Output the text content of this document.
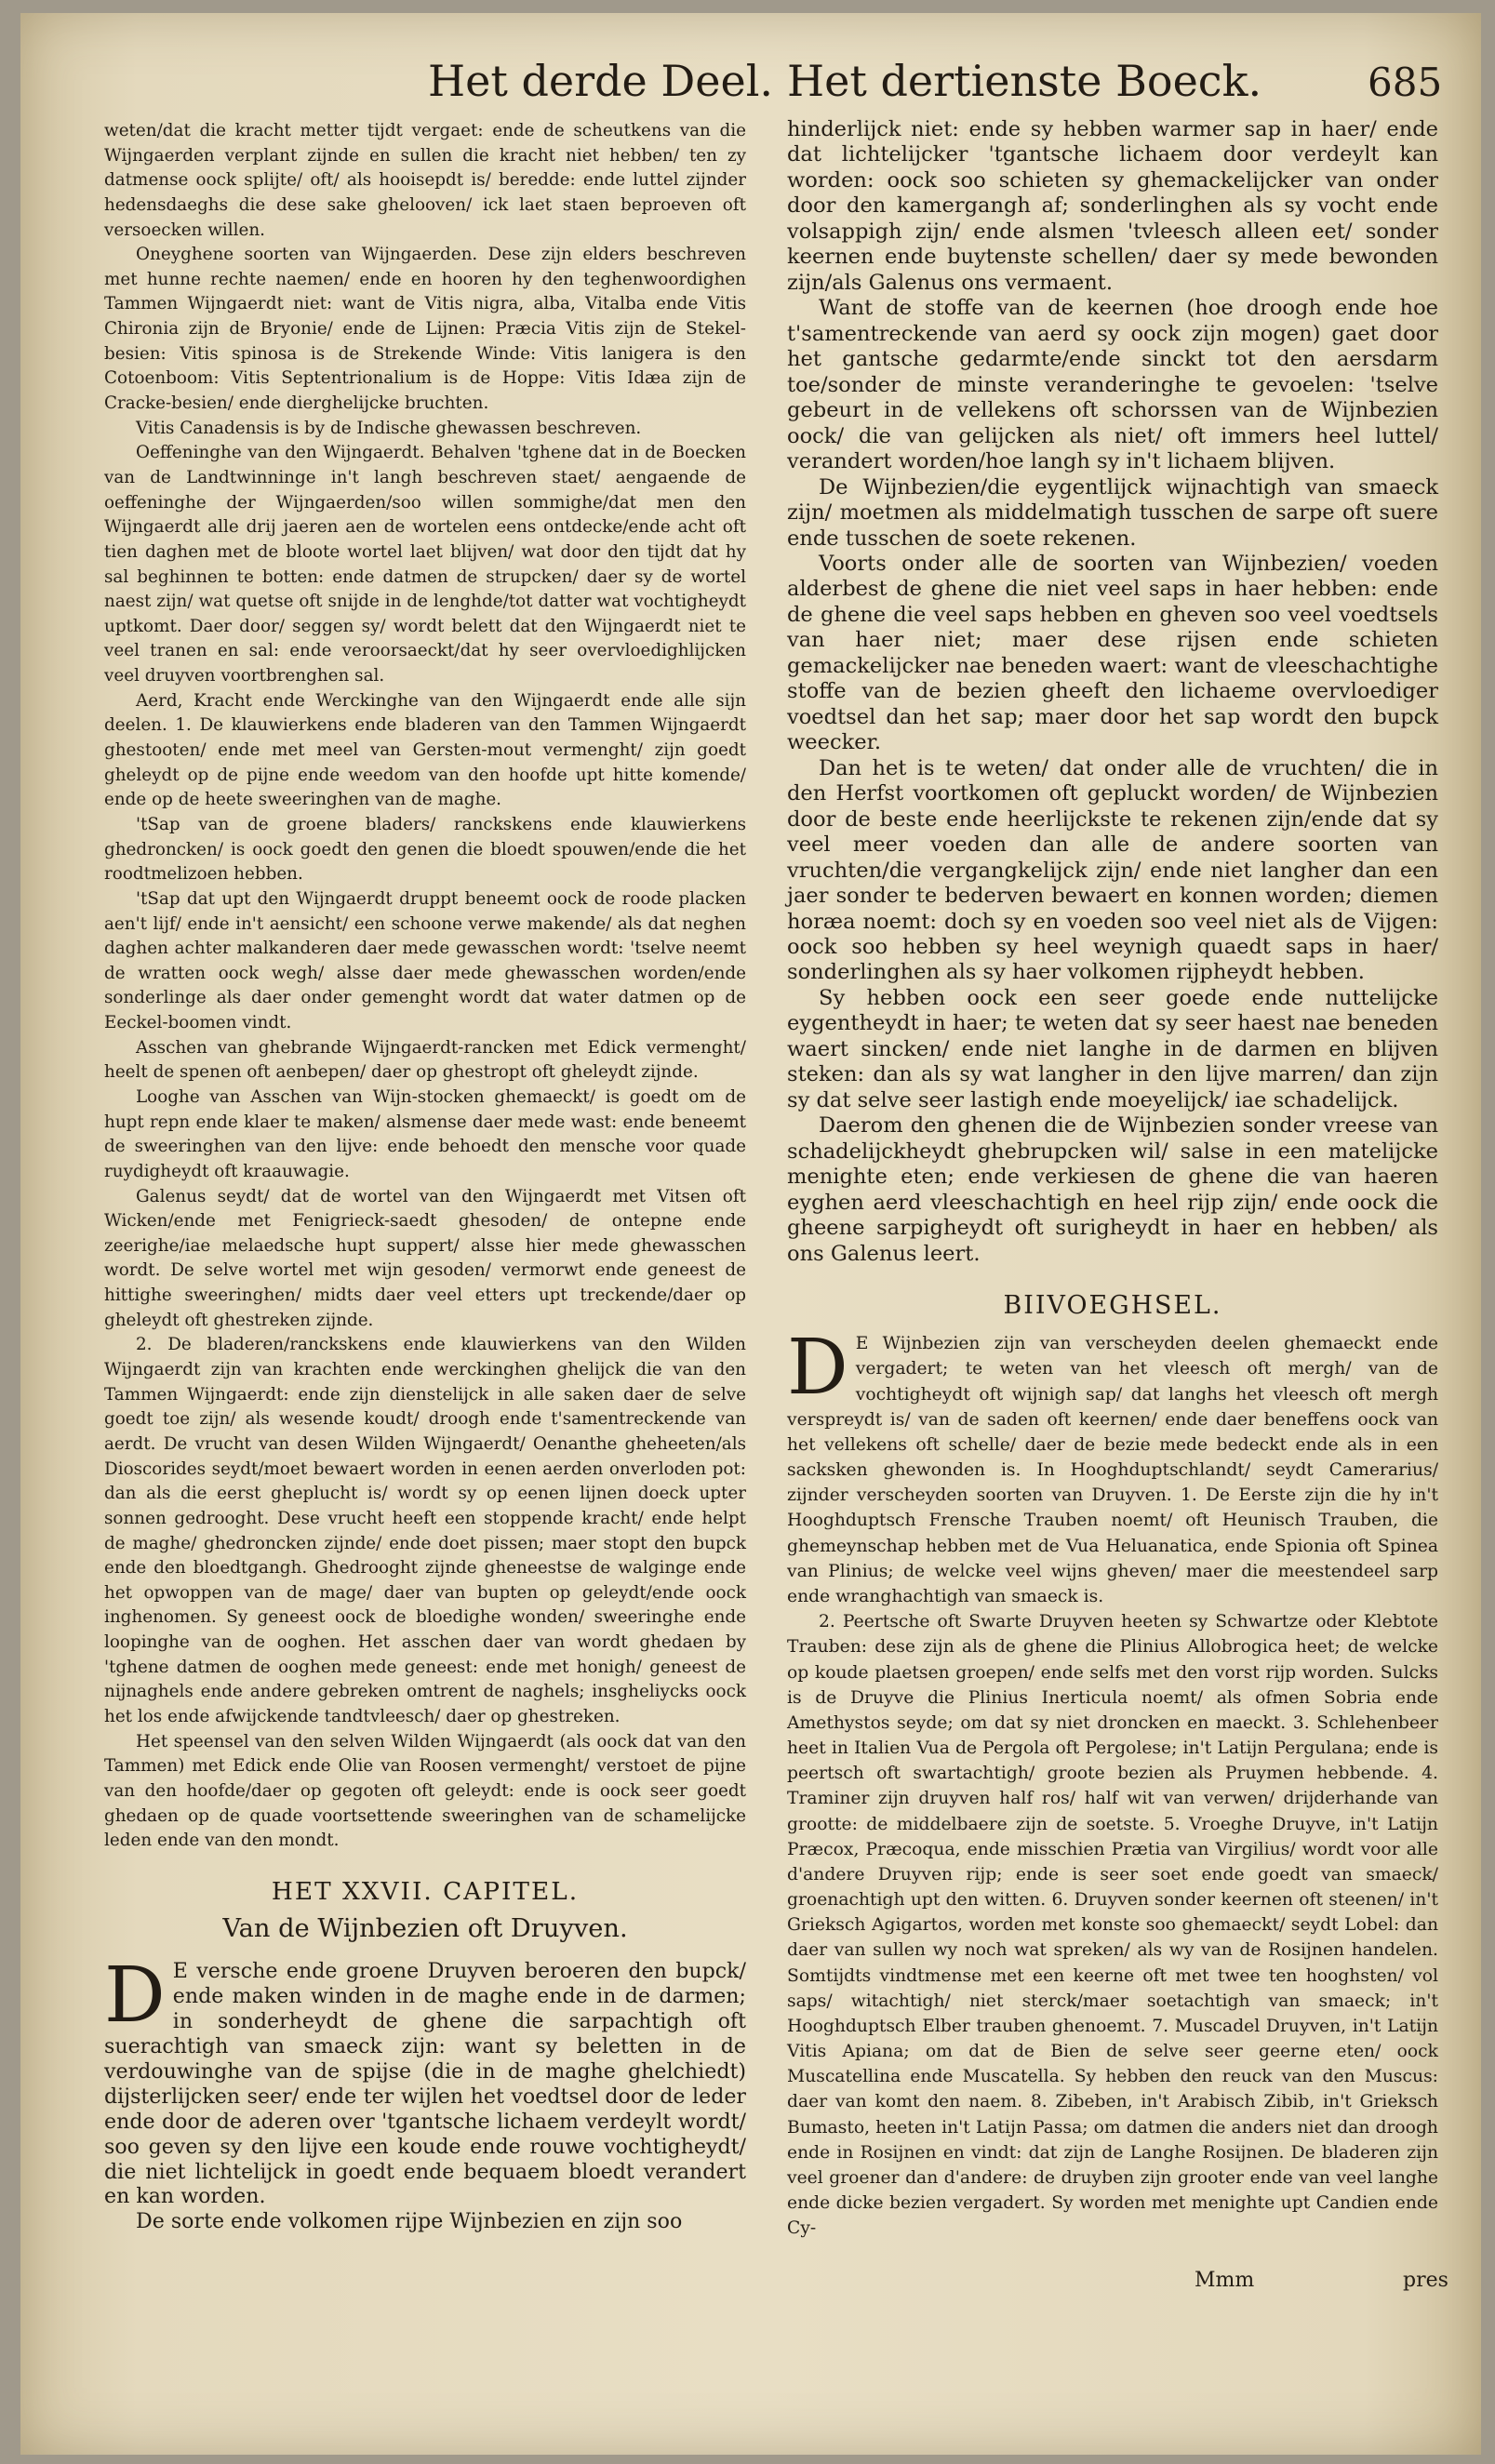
Het derde Deel. Het dertienste Boeck.	685

weten/dat die kracht metter tijdt vergaet: ende de scheutkens van die Wijngaerden verplant zijnde en sullen die kracht niet hebben/ ten zy datmense oock splijte/ oft/ als hooisepdt is/ beredde: ende luttel zijnder hedensdaeghs die dese sake ghelooven/ ick laet staen beproeven oft versoecken willen.

Oneyghene soorten van Wijngaerden. Dese zijn elders beschreven met hunne rechte naemen/ ende en hooren hy den teghenwoordighen Tammen Wijngaerdt niet: want de Vitis nigra, alba, Vitalba ende Vitis Chironia zijn de Bryonie/ ende de Lijnen: Præcia Vitis zijn de Stekel-besien: Vitis spinosa is de Strekende Winde: Vitis lanigera is den Cotoenboom: Vitis Septentrionalium is de Hoppe: Vitis Idæa zijn de Cracke-besien/ ende dierghelijcke bruchten.

Vitis Canadensis is by de Indische ghewassen beschreven.

Oeffeninghe van den Wijngaerdt. Behalven 'tghene dat in de Boecken van de Landtwinninge in't langh beschreven staet/ aengaende de oeffeninghe der Wijngaerden/soo willen sommighe/dat men den Wijngaerdt alle drij jaeren aen de wortelen eens ontdecke/ende acht oft tien daghen met de bloote wortel laet blijven/ wat door den tijdt dat hy sal beghinnen te botten: ende datmen de strupcken/ daer sy de wortel naest zijn/ wat quetse oft snijde in de lenghde/tot datter wat vochtigheydt uptkomt. Daer door/ seggen sy/ wordt belett dat den Wijngaerdt niet te veel tranen en sal: ende veroorsaeckt/dat hy seer overvloedighlijcken veel druyven voortbrenghen sal.

Aerd, Kracht ende Werckinghe van den Wijngaerdt ende alle sijn deelen. 1. De klauwierkens ende bladeren van den Tammen Wijngaerdt ghestooten/ ende met meel van Gersten-mout vermenght/ zijn goedt gheleydt op de pijne ende weedom van den hoofde upt hitte komende/ ende op de heete sweeringhen van de maghe.

'tSap van de groene bladers/ ranckskens ende klauwierkens ghedroncken/ is oock goedt den genen die bloedt spouwen/ende die het roodtmelizoen hebben.

'tSap dat upt den Wijngaerdt druppt beneemt oock de roode placken aen't lijf/ ende in't aensicht/ een schoone verwe makende/ als dat neghen daghen achter malkanderen daer mede gewasschen wordt: 'tselve neemt de wratten oock wegh/ alsse daer mede ghewasschen worden/ende sonderlinge als daer onder gemenght wordt dat water datmen op de Eeckel-boomen vindt.

Asschen van ghebrande Wijngaerdt-rancken met Edick vermenght/ heelt de spenen oft aenbepen/ daer op ghestropt oft gheleydt zijnde.

Looghe van Asschen van Wijn-stocken ghemaeckt/ is goedt om de hupt repn ende klaer te maken/ alsmense daer mede wast: ende beneemt de sweeringhen van den lijve: ende behoedt den mensche voor quade ruydigheydt oft kraauwagie.

Galenus seydt/ dat de wortel van den Wijngaerdt met Vitsen oft Wicken/ende met Fenigrieck-saedt ghesoden/ de ontepne ende zeerighe/iae melaedsche hupt suppert/ alsse hier mede ghewasschen wordt. De selve wortel met wijn gesoden/ vermorwt ende geneest de hittighe sweeringhen/ midts daer veel etters upt treckende/daer op gheleydt oft ghestreken zijnde.

2. De bladeren/ranckskens ende klauwierkens van den Wilden Wijngaerdt zijn van krachten ende werckinghen ghelijck die van den Tammen Wijngaerdt: ende zijn dienstelijck in alle saken daer de selve goedt toe zijn/ als wesende koudt/ droogh ende t'samentreckende van aerdt. De vrucht van desen Wilden Wijngaerdt/ Oenanthe gheheeten/als Dioscorides seydt/moet bewaert worden in eenen aerden onverloden pot: dan als die eerst gheplucht is/ wordt sy op eenen lijnen doeck upter sonnen gedrooght. Dese vrucht heeft een stoppende kracht/ ende helpt de maghe/ ghedroncken zijnde/ ende doet pissen; maer stopt den bupck ende den bloedtgangh. Ghedrooght zijnde gheneestse de walginge ende het opwoppen van de mage/ daer van bupten op geleydt/ende oock inghenomen. Sy geneest oock de bloedighe wonden/ sweeringhe ende loopinghe van de ooghen. Het asschen daer van wordt ghedaen by 'tghene datmen de ooghen mede geneest: ende met honigh/ geneest de nijnaghels ende andere gebreken omtrent de naghels; insgheliycks oock het los ende afwijckende tandtvleesch/ daer op ghestreken.

Het speensel van den selven Wilden Wijngaerdt (als oock dat van den Tammen) met Edick ende Olie van Roosen vermenght/ verstoet de pijne van den hoofde/daer op gegoten oft geleydt: ende is oock seer goedt ghedaen op de quade voortsettende sweeringhen van de schamelijcke leden ende van den mondt.

HET XXVII. CAPITEL.
Van de Wijnbezien oft Druyven.

D E versche ende groene Druyven beroeren den bupck/ ende maken winden in de maghe ende in de darmen; in sonderheydt de ghene die sarpachtigh oft suerachtigh van smaeck zijn: want sy beletten in de verdouwinghe van de spijse (die in de maghe ghelchiedt) dijsterlijcken seer/ ende ter wijlen het voedtsel door de leder ende door de aderen over 'tgantsche lichaem verdeylt wordt/ soo geven sy den lijve een koude ende rouwe vochtigheydt/ die niet lichtelijck in goedt ende bequaem bloedt verandert en kan worden.

De sorte ende volkomen rijpe Wijnbezien en zijn soo

hinderlijck niet: ende sy hebben warmer sap in haer/ ende dat lichtelijcker 'tgantsche lichaem door verdeylt kan worden: oock soo schieten sy ghemackelijcker van onder door den kamergangh af; sonderlinghen als sy vocht ende volsappigh zijn/ ende alsmen 'tvleesch alleen eet/ sonder keernen ende buytenste schellen/ daer sy mede bewonden zijn/als Galenus ons vermaent.

Want de stoffe van de keernen (hoe droogh ende hoe t'samentreckende van aerd sy oock zijn mogen) gaet door het gantsche gedarmte/ende sinckt tot den aersdarm toe/sonder de minste veranderinghe te gevoelen: 'tselve gebeurt in de vellekens oft schorssen van de Wijnbezien oock/ die van gelijcken als niet/ oft immers heel luttel/ verandert worden/hoe langh sy in't lichaem blijven.

De Wijnbezien/die eygentlijck wijnachtigh van smaeck zijn/ moetmen als middelmatigh tusschen de sarpe oft suere ende tusschen de soete rekenen.

Voorts onder alle de soorten van Wijnbezien/ voeden alderbest de ghene die niet veel saps in haer hebben: ende de ghene die veel saps hebben en gheven soo veel voedtsels van haer niet; maer dese rijsen ende schieten gemackelijcker nae beneden waert: want de vleeschachtighe stoffe van de bezien gheeft den lichaeme overvloediger voedtsel dan het sap; maer door het sap wordt den bupck weecker.

Dan het is te weten/ dat onder alle de vruchten/ die in den Herfst voortkomen oft gepluckt worden/ de Wijnbezien door de beste ende heerlijckste te rekenen zijn/ende dat sy veel meer voeden dan alle de andere soorten van vruchten/die vergangkelijck zijn/ ende niet langher dan een jaer sonder te bederven bewaert en konnen worden; diemen horæa noemt: doch sy en voeden soo veel niet als de Vijgen: oock soo hebben sy heel weynigh quaedt saps in haer/ sonderlinghen als sy haer volkomen rijpheydt hebben.

Sy hebben oock een seer goede ende nuttelijcke eygentheydt in haer; te weten dat sy seer haest nae beneden waert sincken/ ende niet langhe in de darmen en blijven steken: dan als sy wat langher in den lijve marren/ dan zijn sy dat selve seer lastigh ende moeyelijck/ iae schadelijck.

Daerom den ghenen die de Wijnbezien sonder vreese van schadelijckheydt ghebrupcken wil/ salse in een matelijcke menighte eten; ende verkiesen de ghene die van haeren eyghen aerd vleeschachtigh en heel rijp zijn/ ende oock die gheene sarpigheydt oft surigheydt in haer en hebben/ als ons Galenus leert.

BIIVOEGHSEL.

D E Wijnbezien zijn van verscheyden deelen ghemaeckt ende vergadert; te weten van het vleesch oft mergh/ van de vochtigheydt oft wijnigh sap/ dat langhs het vleesch oft mergh verspreydt is/ van de saden oft keernen/ ende daer beneffens oock van het vellekens oft schelle/ daer de bezie mede bedeckt ende als in een sacksken ghewonden is. In Hooghduptschlandt/ seydt Camerarius/ zijnder verscheyden soorten van Druyven. 1. De Eerste zijn die hy in't Hooghduptsch Frensche Trauben noemt/ oft Heunisch Trauben, die ghemeynschap hebben met de Vua Heluanatica, ende Spionia oft Spinea van Plinius; de welcke veel wijns gheven/ maer die meestendeel sarp ende wranghachtigh van smaeck is.

2. Peertsche oft Swarte Druyven heeten sy Schwartze oder Klebtote Trauben: dese zijn als de ghene die Plinius Allobrogica heet; de welcke op koude plaetsen groepen/ ende selfs met den vorst rijp worden. Sulcks is de Druyve die Plinius Inerticula noemt/ als ofmen Sobria ende Amethystos seyde; om dat sy niet droncken en maeckt. 3. Schlehenbeer heet in Italien Vua de Pergola oft Pergolese; in't Latijn Pergulana; ende is peertsch oft swartachtigh/ groote bezien als Pruymen hebbende. 4. Traminer zijn druyven half ros/ half wit van verwen/ drijderhande van grootte: de middelbaere zijn de soetste. 5. Vroeghe Druyve, in't Latijn Præcox, Præcoqua, ende misschien Prætia van Virgilius/ wordt voor alle d'andere Druyven rijp; ende is seer soet ende goedt van smaeck/ groenachtigh upt den witten. 6. Druyven sonder keernen oft steenen/ in't Grieksch Agigartos, worden met konste soo ghemaeckt/ seydt Lobel: dan daer van sullen wy noch wat spreken/ als wy van de Rosijnen handelen. Somtijdts vindtmense met een keerne oft met twee ten hooghsten/ vol saps/ witachtigh/ niet sterck/maer soetachtigh van smaeck; in't Hooghduptsch Elber trauben ghenoemt. 7. Muscadel Druyven, in't Latijn Vitis Apiana; om dat de Bien de selve seer geerne eten/ oock Muscatellina ende Muscatella. Sy hebben den reuck van den Muscus: daer van komt den naem. 8. Zibeben, in't Arabisch Zibib, in't Grieksch Bumasto, heeten in't Latijn Passa; om datmen die anders niet dan droogh ende in Rosijnen en vindt: dat zijn de Langhe Rosijnen. De bladeren zijn veel groener dan d'andere: de druyben zijn grooter ende van veel langhe ende dicke bezien vergadert. Sy worden met menighte upt Candien ende Cy-

Mmm	pres
